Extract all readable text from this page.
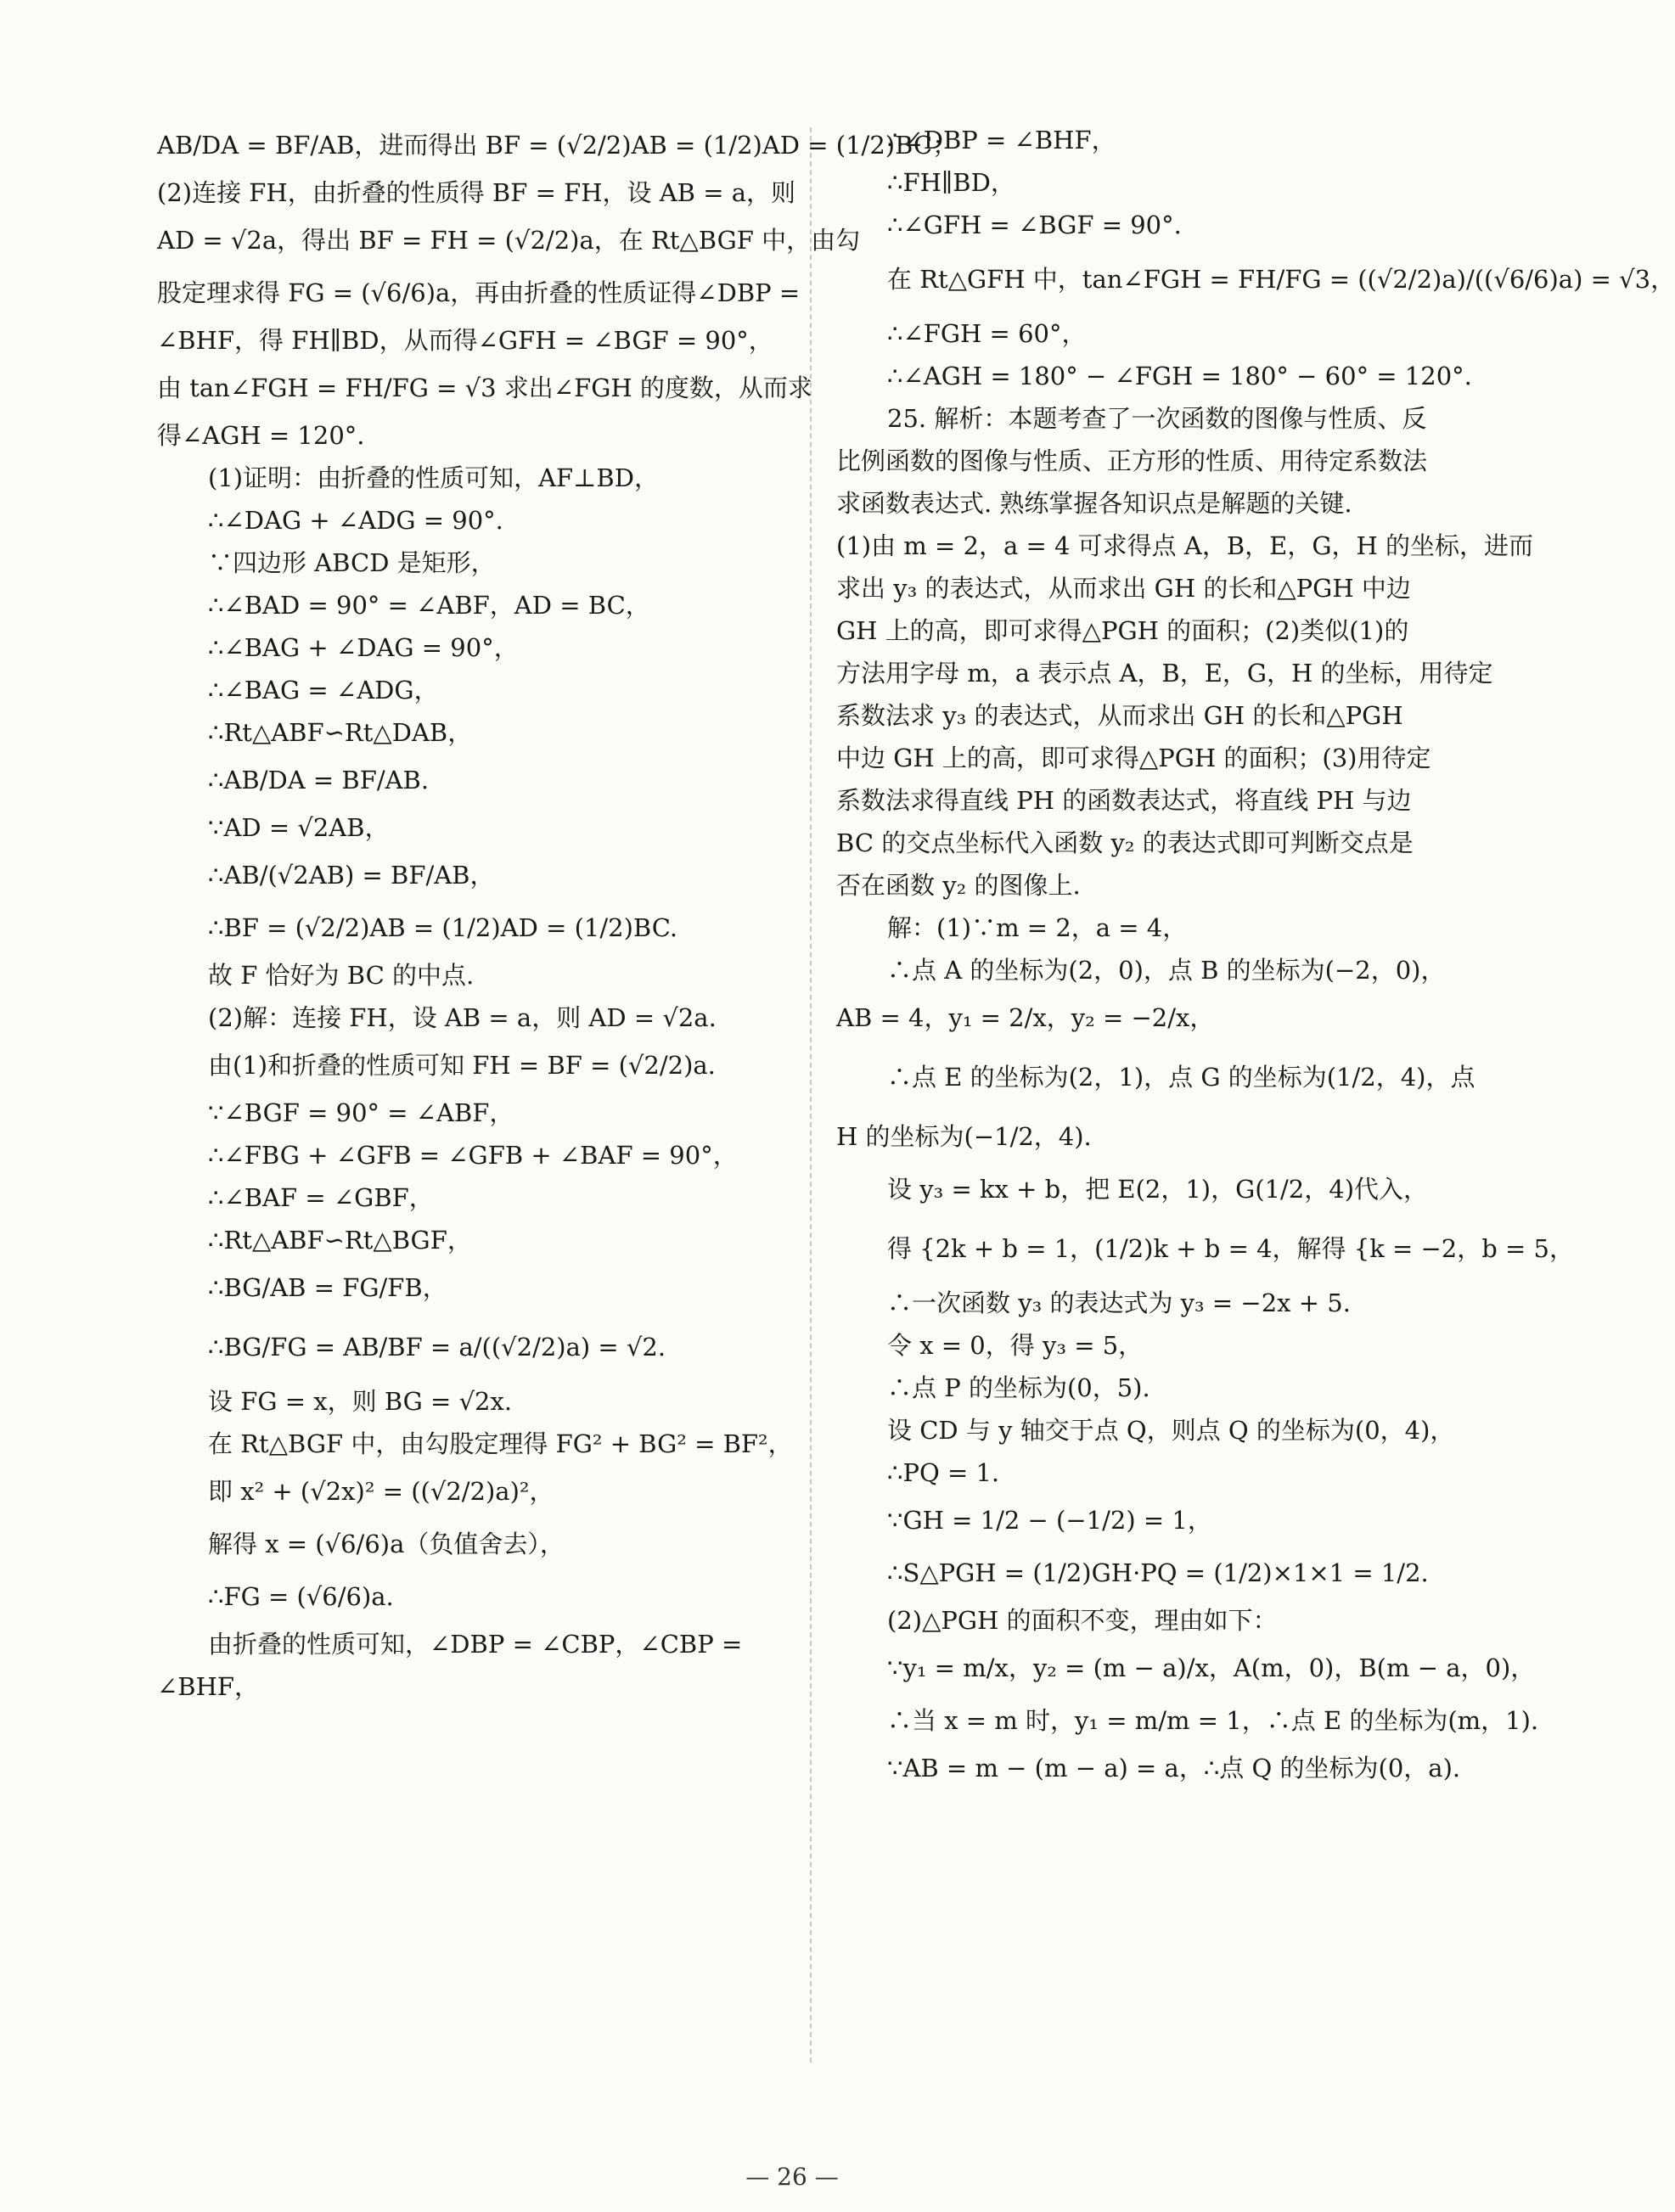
AB/DA = BF/AB，进而得出 BF = (√2/2)AB = (1/2)AD = (1/2)BC；
(2)连接 FH，由折叠的性质得 BF = FH，设 AB = a，则
AD = √2a，得出 BF = FH = (√2/2)a，在 Rt△BGF 中，由勾
股定理求得 FG = (√6/6)a，再由折叠的性质证得∠DBP =
∠BHF，得 FH∥BD，从而得∠GFH = ∠BGF = 90°，
由 tan∠FGH = FH/FG = √3 求出∠FGH 的度数，从而求
得∠AGH = 120°.
(1)证明：由折叠的性质可知，AF⊥BD，
∴∠DAG + ∠ADG = 90°.
∵四边形 ABCD 是矩形，
∴∠BAD = 90° = ∠ABF，AD = BC，
∴∠BAG + ∠DAG = 90°，
∴∠BAG = ∠ADG，
∴Rt△ABF∽Rt△DAB，
∴AB/DA = BF/AB.
∵AD = √2AB，
∴AB/(√2AB) = BF/AB，
∴BF = (√2/2)AB = (1/2)AD = (1/2)BC.
故 F 恰好为 BC 的中点.
(2)解：连接 FH，设 AB = a，则 AD = √2a.
由(1)和折叠的性质可知 FH = BF = (√2/2)a.
∵∠BGF = 90° = ∠ABF，
∴∠FBG + ∠GFB = ∠GFB + ∠BAF = 90°，
∴∠BAF = ∠GBF，
∴Rt△ABF∽Rt△BGF，
∴BG/AB = FG/FB，
∴BG/FG = AB/BF = a/((√2/2)a) = √2.
设 FG = x，则 BG = √2x.
在 Rt△BGF 中，由勾股定理得 FG² + BG² = BF²，
即 x² + (√2x)² = ((√2/2)a)²，
解得 x = (√6/6)a（负值舍去），
∴FG = (√6/6)a.
由折叠的性质可知，∠DBP = ∠CBP，∠CBP =
∠BHF，
∴∠DBP = ∠BHF，
∴FH∥BD，
∴∠GFH = ∠BGF = 90°.
在 Rt△GFH 中，tan∠FGH = FH/FG = ((√2/2)a)/((√6/6)a) = √3，
∴∠FGH = 60°，
∴∠AGH = 180° − ∠FGH = 180° − 60° = 120°.
25. 解析：本题考查了一次函数的图像与性质、反
比例函数的图像与性质、正方形的性质、用待定系数法
求函数表达式. 熟练掌握各知识点是解题的关键.
(1)由 m = 2，a = 4 可求得点 A，B，E，G，H 的坐标，进而
求出 y₃ 的表达式，从而求出 GH 的长和△PGH 中边
GH 上的高，即可求得△PGH 的面积；(2)类似(1)的
方法用字母 m，a 表示点 A，B，E，G，H 的坐标，用待定
系数法求 y₃ 的表达式，从而求出 GH 的长和△PGH
中边 GH 上的高，即可求得△PGH 的面积；(3)用待定
系数法求得直线 PH 的函数表达式，将直线 PH 与边
BC 的交点坐标代入函数 y₂ 的表达式即可判断交点是
否在函数 y₂ 的图像上.
解：(1)∵m = 2，a = 4，
∴点 A 的坐标为(2，0)，点 B 的坐标为(−2，0)，
AB = 4，y₁ = 2/x，y₂ = −2/x，
∴点 E 的坐标为(2，1)，点 G 的坐标为(1/2，4)，点
H 的坐标为(−1/2，4).
设 y₃ = kx + b，把 E(2，1)，G(1/2，4)代入，
得 {2k + b = 1，(1/2)k + b = 4，解得 {k = −2，b = 5，
∴一次函数 y₃ 的表达式为 y₃ = −2x + 5.
令 x = 0，得 y₃ = 5，
∴点 P 的坐标为(0，5).
设 CD 与 y 轴交于点 Q，则点 Q 的坐标为(0，4)，
∴PQ = 1.
∵GH = 1/2 − (−1/2) = 1，
∴S△PGH = (1/2)GH·PQ = (1/2)×1×1 = 1/2.
(2)△PGH 的面积不变，理由如下：
∵y₁ = m/x，y₂ = (m − a)/x，A(m，0)，B(m − a，0)，
∴当 x = m 时，y₁ = m/m = 1，∴点 E 的坐标为(m，1).
∵AB = m − (m − a) = a，∴点 Q 的坐标为(0，a).
— 26 —
